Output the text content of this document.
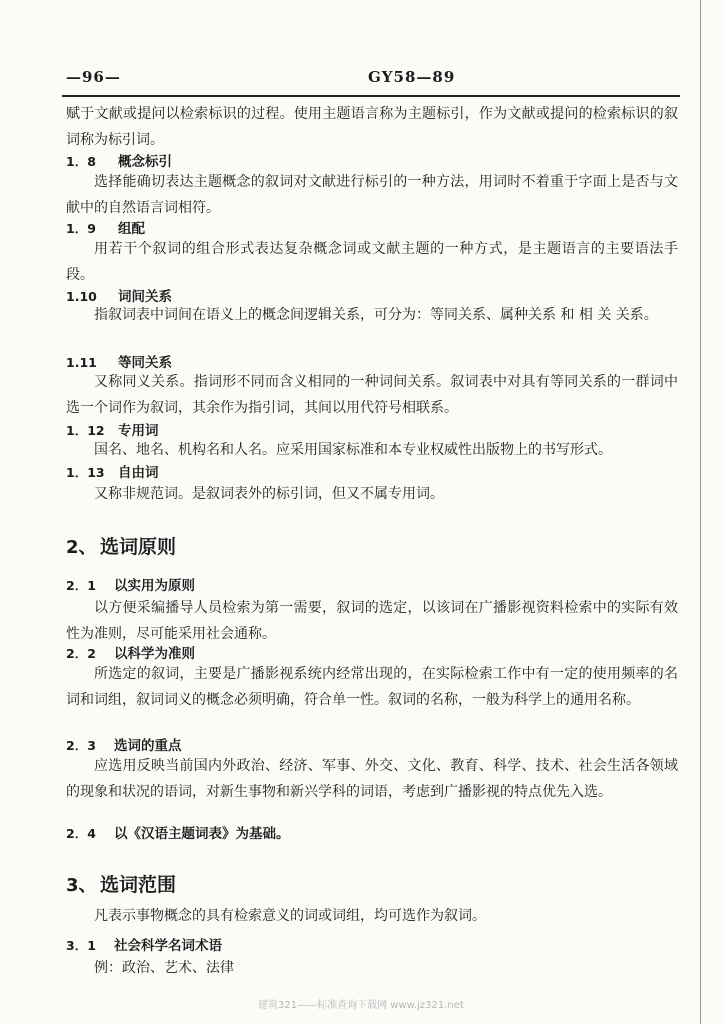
—96—	GY58—89

赋于文献或提问以检索标识的过程。使用主题语言称为主题标引，作为文献或提问的检索标识的叙词称为标引词。

1．8 概念标引

选择能确切表达主题概念的叙词对文献进行标引的一种方法，用词时不着重于字面上是否与文献中的自然语言词相符。

1．9 组配

用若干个叙词的组合形式表达复杂概念词或文献主题的一种方式，是主题语言的主要语法手段。

1.10 词间关系

指叙词表中词间在语义上的概念间逻辑关系，可分为：等同关系、属种关系 和 相 关 关系。

1.11 等同关系

又称同义关系。指词形不同而含义相同的一种词间关系。叙词表中对具有等同关系的一群词中选一个词作为叙词，其余作为指引词，其间以用代符号相联系。

1．12 专用词

国名、地名、机构名和人名。应采用国家标准和本专业权威性出版物上的书写形式。

1．13 自由词

又称非规范词。是叙词表外的标引词，但又不属专用词。

2、 选词原则
2．1 以实用为原则

以方便采编播导人员检索为第一需要，叙词的选定，以该词在广播影视资料检索中的实际有效性为准则，尽可能采用社会通称。

2．2 以科学为准则

所选定的叙词，主要是广播影视系统内经常出现的，在实际检索工作中有一定的使用频率的名词和词组，叙词词义的概念必须明确，符合单一性。叙词的名称，一般为科学上的通用名称。

2．3 选词的重点

应选用反映当前国内外政治、经济、军事、外交、文化、教育、科学、技术、社会生活各领域的现象和状况的语词，对新生事物和新兴学科的词语，考虑到广播影视的特点优先入选。

2．4 以《汉语主题词表》为基础。
3、 选词范围

凡表示事物概念的具有检索意义的词或词组，均可选作为叙词。

3．1 社会科学名词术语

例：政治、艺术、法律

建筑321——标准查询下载网 www.jz321.net
